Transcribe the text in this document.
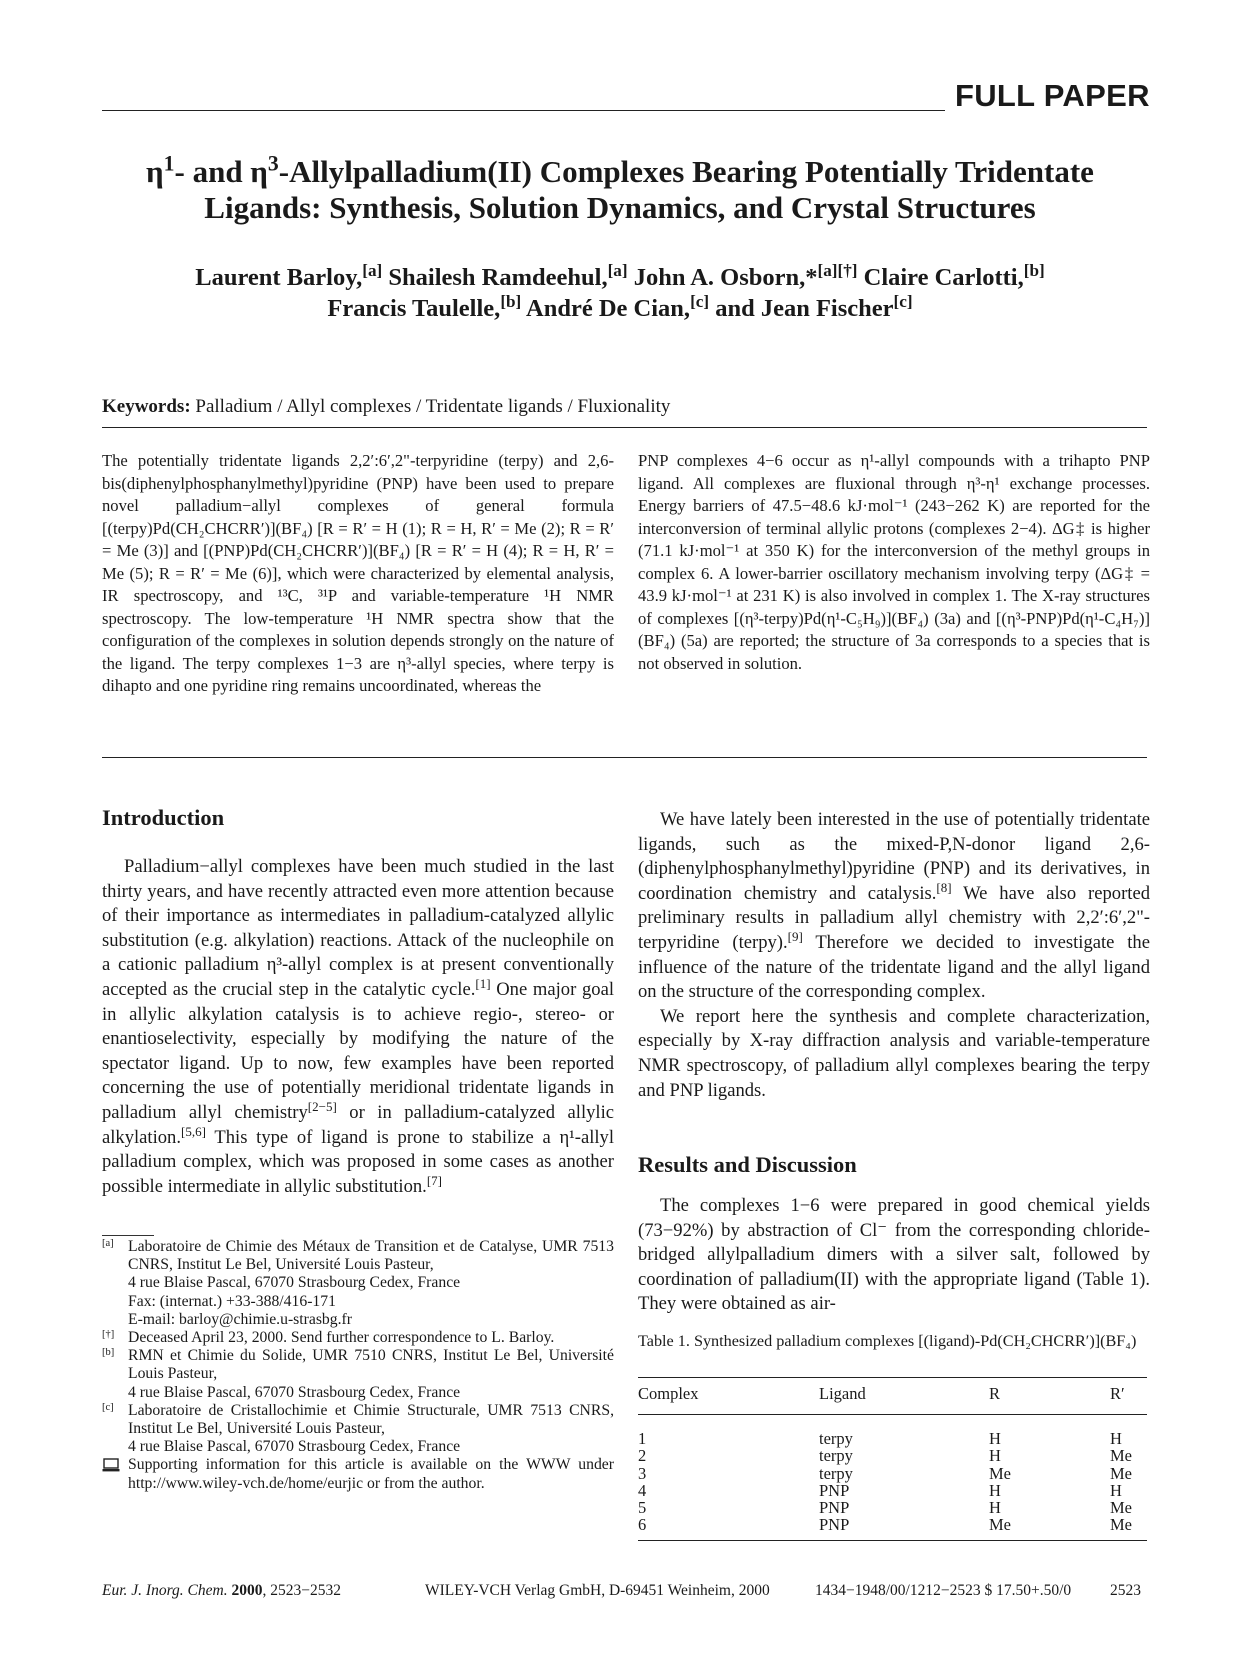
FULL PAPER
$\eta^1-$ and $\eta^3-Allylpalladium(II)$ Complexes Bearing Potentially Tridentate
Ligands: Synthesis, Solution Dynamics, and Crystal Structures
Laurent Barloy,[a] Shailesh Ramdeehul,[a] John A. Osborn,*[a][†] Claire Carlotti,[b]
Francis Taulelle,[b] André De Cian,[c] and Jean Fischer[c]
Keywords: Palladium / Allyl complexes / Tridentate ligands / Fluxionality

The potentially tridentate ligands 2,2′:6′,2"-terpyridine (terpy) and 2,6-bis(diphenylphosphanylmethyl)pyridine (PNP) have been used to prepare novel palladium−allyl complexes of general formula [(terpy)Pd(CH₂CHCRR′)](BF₄) [R = R′ = H (1); R = H, R′ = Me (2); R = R′ = Me (3)] and [(PNP)Pd(CH₂CHCRR′)](BF₄) [R = R′ = H (4); R = H, R′ = Me (5); R = R′ = Me (6)], which were characterized by elemental analysis, IR spectroscopy, and ¹³C, ³¹P and variable-temperature ¹H NMR spectroscopy. The low-temperature ¹H NMR spectra show that the configuration of the complexes in solution depends strongly on the nature of the ligand. The terpy complexes 1−3 are η³-allyl species, where terpy is dihapto and one pyridine ring remains uncoordinated, whereas the

PNP complexes 4−6 occur as η¹-allyl compounds with a trihapto PNP ligand. All complexes are fluxional through η³-η¹ exchange processes. Energy barriers of 47.5−48.6 kJ·mol⁻¹ (243−262 K) are reported for the interconversion of terminal allylic protons (complexes 2−4). ΔG‡ is higher (71.1 kJ·mol⁻¹ at 350 K) for the interconversion of the methyl groups in complex 6. A lower-barrier oscillatory mechanism involving terpy (ΔG‡ = 43.9 kJ·mol⁻¹ at 231 K) is also involved in complex 1. The X-ray structures of complexes [(η³-terpy)Pd(η¹-C₅H₉)](BF₄) (3a) and [(η³-PNP)Pd(η¹-C₄H₇)](BF₄) (5a) are reported; the structure of 3a corresponds to a species that is not observed in solution.

Introduction

Palladium−allyl complexes have been much studied in the last thirty years, and have recently attracted even more attention because of their importance as intermediates in palladium-catalyzed allylic substitution (e.g. alkylation) reactions. Attack of the nucleophile on a cationic palladium η³-allyl complex is at present conventionally accepted as the crucial step in the catalytic cycle.[1] One major goal in allylic alkylation catalysis is to achieve regio-, stereo- or enantioselectivity, especially by modifying the nature of the spectator ligand. Up to now, few examples have been reported concerning the use of potentially meridional tridentate ligands in palladium allyl chemistry[2−5] or in palladium-catalyzed allylic alkylation.[5,6] This type of ligand is prone to stabilize a η¹-allyl palladium complex, which was proposed in some cases as another possible intermediate in allylic substitution.[7]

We have lately been interested in the use of potentially tridentate ligands, such as the mixed-P,N-donor ligand 2,6-(diphenylphosphanylmethyl)pyridine (PNP) and its derivatives, in coordination chemistry and catalysis.[8] We have also reported preliminary results in palladium allyl chemistry with 2,2′:6′,2"-terpyridine (terpy).[9] Therefore we decided to investigate the influence of the nature of the tridentate ligand and the allyl ligand on the structure of the corresponding complex.

We report here the synthesis and complete characterization, especially by X-ray diffraction analysis and variable-temperature NMR spectroscopy, of palladium allyl complexes bearing the terpy and PNP ligands.

Results and Discussion

The complexes 1−6 were prepared in good chemical yields (73−92%) by abstraction of Cl⁻ from the corresponding chloride-bridged allylpalladium dimers with a silver salt, followed by coordination of palladium(II) with the appropriate ligand (Table 1). They were obtained as air-

[a] Laboratoire de Chimie des Métaux de Transition et de Catalyse, UMR 7513 CNRS, Institut Le Bel, Université Louis Pasteur,
4 rue Blaise Pascal, 67070 Strasbourg Cedex, France
Fax: (internat.) +33-388/416-171
E-mail: barloy@chimie.u-strasbg.fr
[†] Deceased April 23, 2000. Send further correspondence to L. Barloy.
[b] RMN et Chimie du Solide, UMR 7510 CNRS, Institut Le Bel, Université Louis Pasteur,
4 rue Blaise Pascal, 67070 Strasbourg Cedex, France
[c] Laboratoire de Cristallochimie et Chimie Structurale, UMR 7513 CNRS, Institut Le Bel, Université Louis Pasteur,
4 rue Blaise Pascal, 67070 Strasbourg Cedex, France
Supporting information for this article is available on the WWW under http://www.wiley-vch.de/home/eurjic or from the author.
Table 1. Synthesized palladium complexes [(ligand)-Pd(CH₂CHCRR′)](BF₄)
Complex	Ligand	R	R′
1	terpy	H	H
2	terpy	H	Me
3	terpy	Me	Me
4	PNP	H	H
5	PNP	H	Me
6	PNP	Me	Me
Eur. J. Inorg. Chem. 2000, 2523−2532	WILEY-VCH Verlag GmbH, D-69451 Weinheim, 2000	1434−1948/00/1212−2523 $ 17.50+.50/0	2523
